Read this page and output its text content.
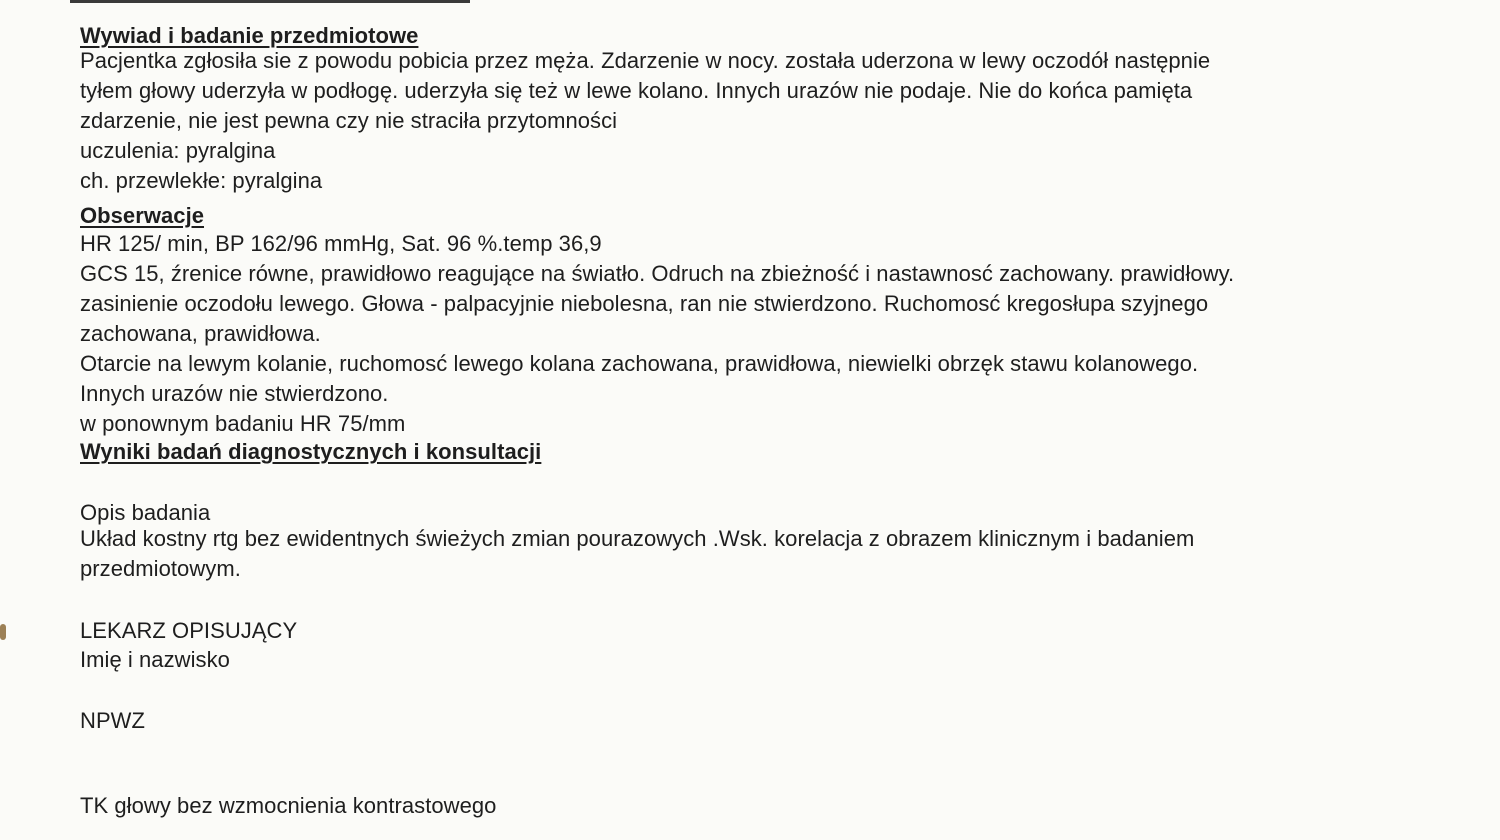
Wywiad i badanie przedmiotowe
Pacjentka zgłosiła sie z powodu pobicia przez męża. Zdarzenie w nocy. została uderzona w lewy oczodół następnie
tyłem głowy uderzyła w podłogę. uderzyła się też w lewe kolano. Innych urazów nie podaje. Nie do końca pamięta
zdarzenie, nie jest pewna czy nie straciła przytomności
uczulenia: pyralgina
ch. przewlekłe: pyralgina
Obserwacje
HR 125/ min, BP 162/96 mmHg, Sat. 96 %.temp 36,9
GCS 15, źrenice równe, prawidłowo reagujące na światło. Odruch na zbieżność i nastawnosć zachowany. prawidłowy.
zasinienie oczodołu lewego. Głowa - palpacyjnie niebolesna, ran nie stwierdzono. Ruchomosć kregosłupa szyjnego
zachowana, prawidłowa.
Otarcie na lewym kolanie, ruchomosć lewego kolana zachowana, prawidłowa, niewielki obrzęk stawu kolanowego.
Innych urazów nie stwierdzono.
w ponownym badaniu HR 75/mm
Wyniki badań diagnostycznych i konsultacji
Opis badania
Układ kostny rtg bez ewidentnych świeżych zmian pourazowych .Wsk. korelacja z obrazem klinicznym i badaniem
przedmiotowym.
LEKARZ OPISUJĄCY
Imię i nazwisko
NPWZ
TK głowy bez wzmocnienia kontrastowego
